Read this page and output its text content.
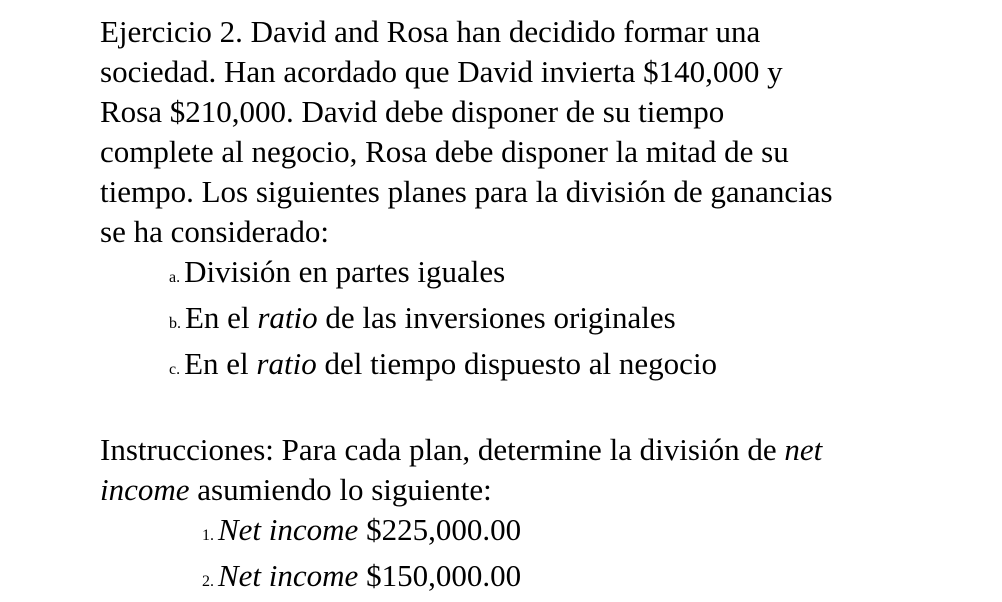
Ejercicio 2. David and Rosa han decidido formar una
sociedad. Han acordado que David invierta $140,000 y
Rosa $210,000. David debe disponer de su tiempo
complete al negocio, Rosa debe disponer la mitad de su
tiempo. Los siguientes planes para la división de ganancias
se ha considerado:
a. División en partes iguales
b. En el ratio de las inversiones originales
c. En el ratio del tiempo dispuesto al negocio
Instrucciones: Para cada plan, determine la división de net
income asumiendo lo siguiente:
1. Net income $225,000.00
2. Net income $150,000.00
